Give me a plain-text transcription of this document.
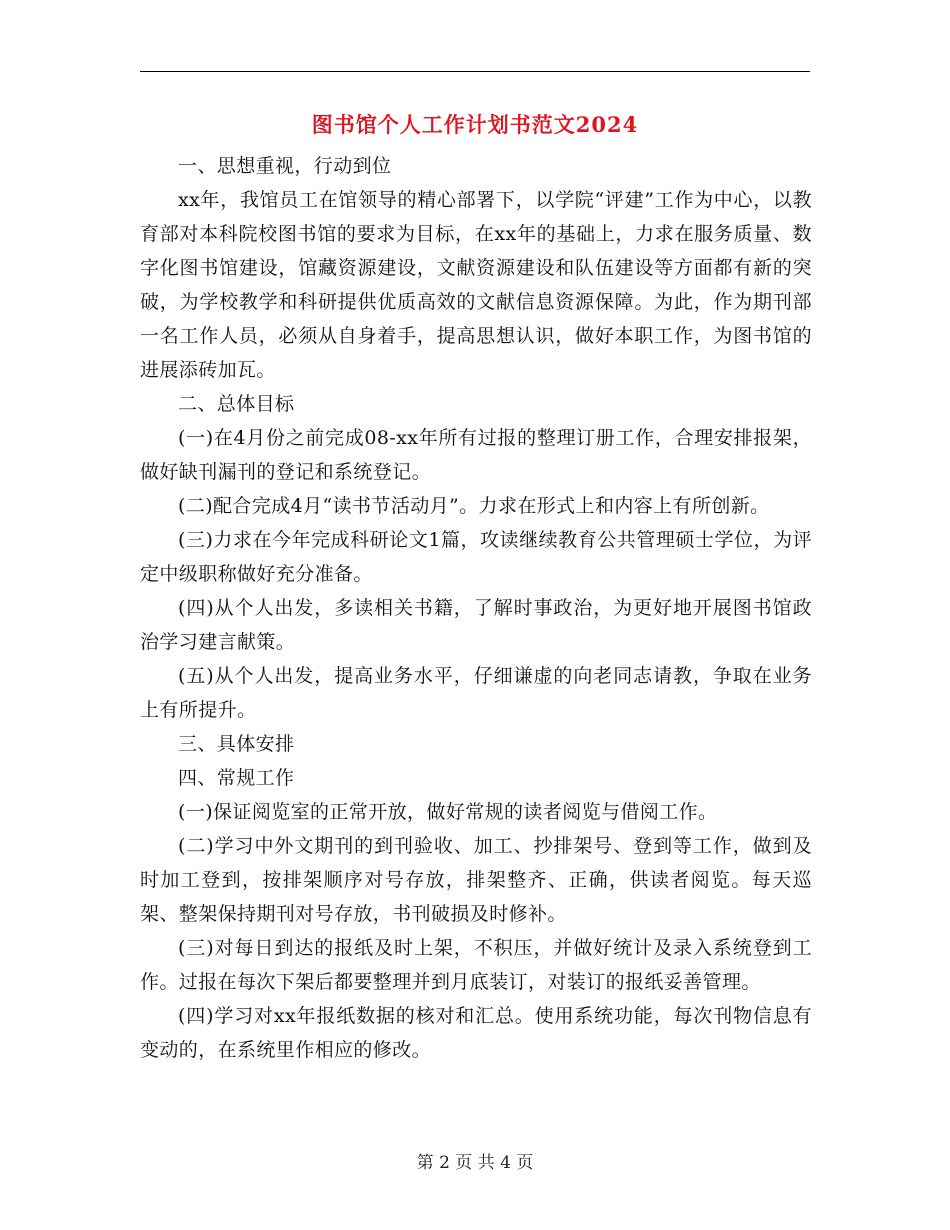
图书馆个人工作计划书范文2024

一、思想重视，行动到位

xx年，我馆员工在馆领导的精心部署下，以学院“评建”工作为中心，以教育部对本科院校图书馆的要求为目标，在xx年的基础上，力求在服务质量、数字化图书馆建设，馆藏资源建设，文献资源建设和队伍建设等方面都有新的突破，为学校教学和科研提供优质高效的文献信息资源保障。为此，作为期刊部一名工作人员，必须从自身着手，提高思想认识，做好本职工作，为图书馆的进展添砖加瓦。

二、总体目标

(一)在4月份之前完成08-xx年所有过报的整理订册工作，合理安排报架，做好缺刊漏刊的登记和系统登记。

(二)配合完成4月“读书节活动月”。力求在形式上和内容上有所创新。

(三)力求在今年完成科研论文1篇，攻读继续教育公共管理硕士学位，为评定中级职称做好充分准备。

(四)从个人出发，多读相关书籍，了解时事政治，为更好地开展图书馆政治学习建言献策。

(五)从个人出发，提高业务水平，仔细谦虚的向老同志请教，争取在业务上有所提升。

三、具体安排

四、常规工作

(一)保证阅览室的正常开放，做好常规的读者阅览与借阅工作。

(二)学习中外文期刊的到刊验收、加工、抄排架号、登到等工作，做到及时加工登到，按排架顺序对号存放，排架整齐、正确，供读者阅览。每天巡架、整架保持期刊对号存放，书刊破损及时修补。

(三)对每日到达的报纸及时上架，不积压，并做好统计及录入系统登到工作。过报在每次下架后都要整理并到月底装订，对装订的报纸妥善管理。

(四)学习对xx年报纸数据的核对和汇总。使用系统功能，每次刊物信息有变动的，在系统里作相应的修改。

第 2 页 共 4 页
